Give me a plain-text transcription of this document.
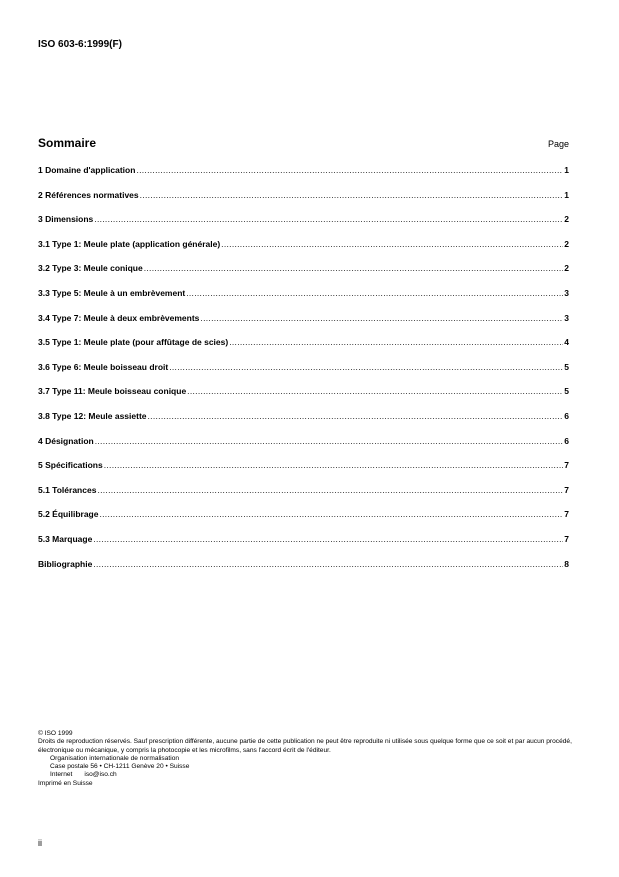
ISO 603-6:1999(F)
Sommaire	Page
1 Domaine d'application .....	1
2 Références normatives .....	1
3 Dimensions .....	2
3.1 Type 1: Meule plate (application générale) .....	2
3.2 Type 3: Meule conique .....	2
3.3 Type 5: Meule à un embrèvement .....	3
3.4 Type 7: Meule à deux embrèvements .....	3
3.5 Type 1: Meule plate (pour affûtage de scies) .....	4
3.6 Type 6: Meule boisseau droit .....	5
3.7 Type 11: Meule boisseau conique .....	5
3.8 Type 12: Meule assiette .....	6
4 Désignation .....	6
5 Spécifications .....	7
5.1 Tolérances .....	7
5.2 Équilibrage .....	7
5.3 Marquage .....	7
Bibliographie .....	8
© ISO 1999
Droits de reproduction réservés. Sauf prescription différente, aucune partie de cette publication ne peut être reproduite ni utilisée sous quelque forme que ce soit et par aucun procédé, électronique ou mécanique, y compris la photocopie et les microfilms, sans l'accord écrit de l'éditeur.
Organisation internationale de normalisation
Case postale 56 • CH-1211 Genève 20 • Suisse
Internet iso@iso.ch
Imprimé en Suisse
ii
